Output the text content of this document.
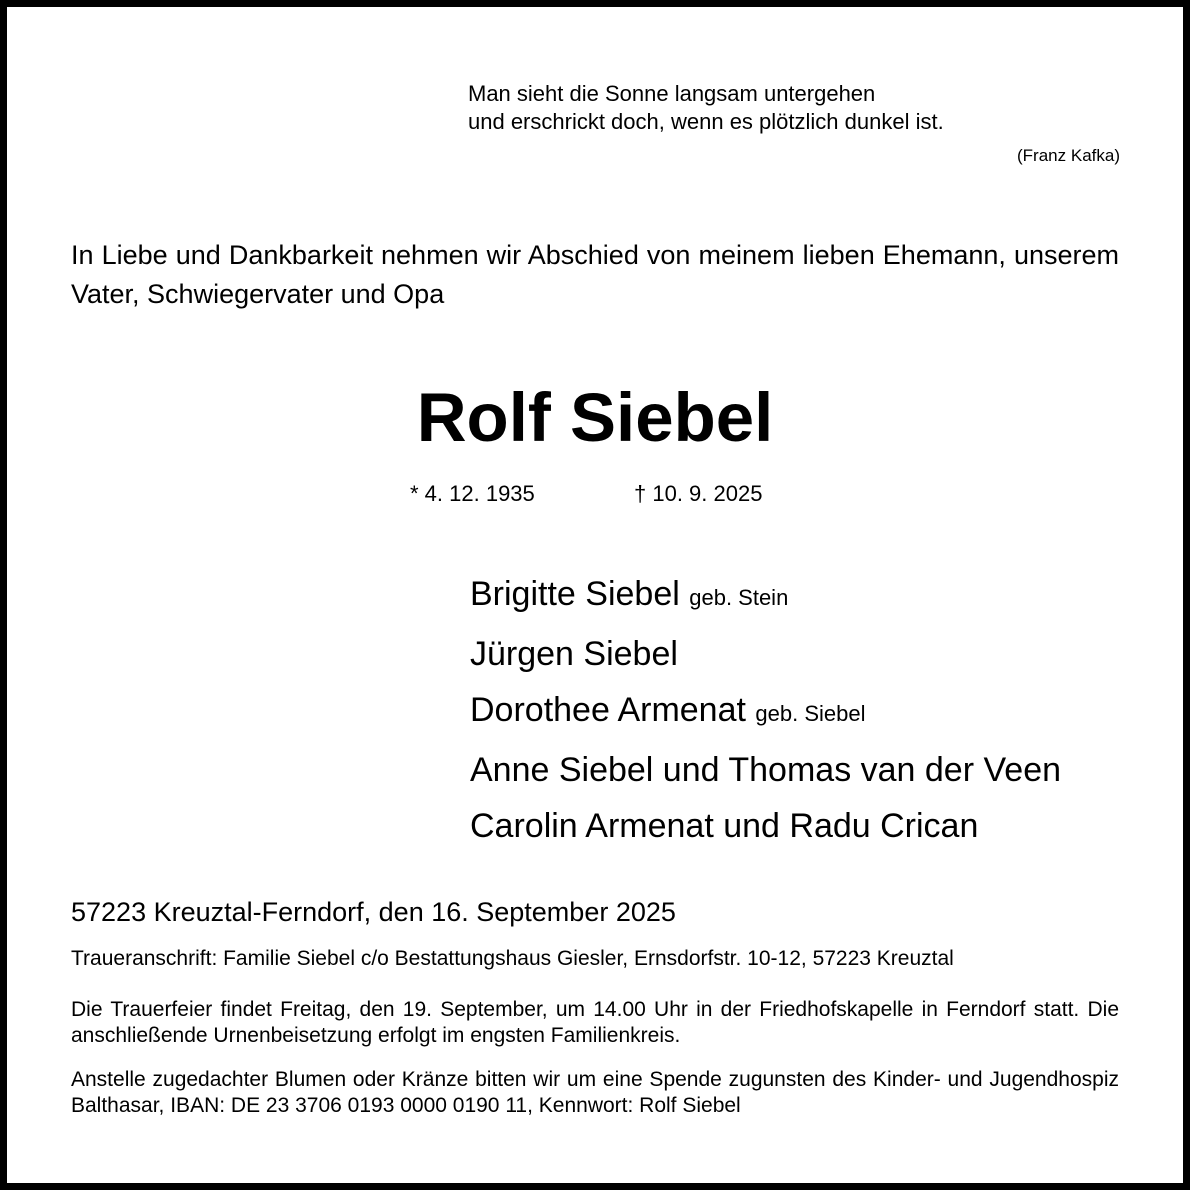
Man sieht die Sonne langsam untergehen
und erschrickt doch, wenn es plötzlich dunkel ist.
(Franz Kafka)
In Liebe und Dankbarkeit nehmen wir Abschied von meinem lieben Ehemann, unserem Vater, Schwiegervater und Opa
Rolf Siebel
* 4. 12. 1935	† 10. 9. 2025
Brigitte Siebel geb. Stein
Jürgen Siebel
Dorothee Armenat geb. Siebel
Anne Siebel und Thomas van der Veen
Carolin Armenat und Radu Crican
57223 Kreuztal-Ferndorf, den 16. September 2025
Traueranschrift: Familie Siebel c/o Bestattungshaus Giesler, Ernsdorfstr. 10-12, 57223 Kreuztal
Die Trauerfeier findet Freitag, den 19. September, um 14.00 Uhr in der Friedhofskapelle in Ferndorf statt. Die anschließende Urnenbeisetzung erfolgt im engsten Familienkreis.
Anstelle zugedachter Blumen oder Kränze bitten wir um eine Spende zugunsten des Kinder- und Jugendhospiz Balthasar, IBAN: DE 23 3706 0193 0000 0190 11, Kennwort: Rolf Siebel
